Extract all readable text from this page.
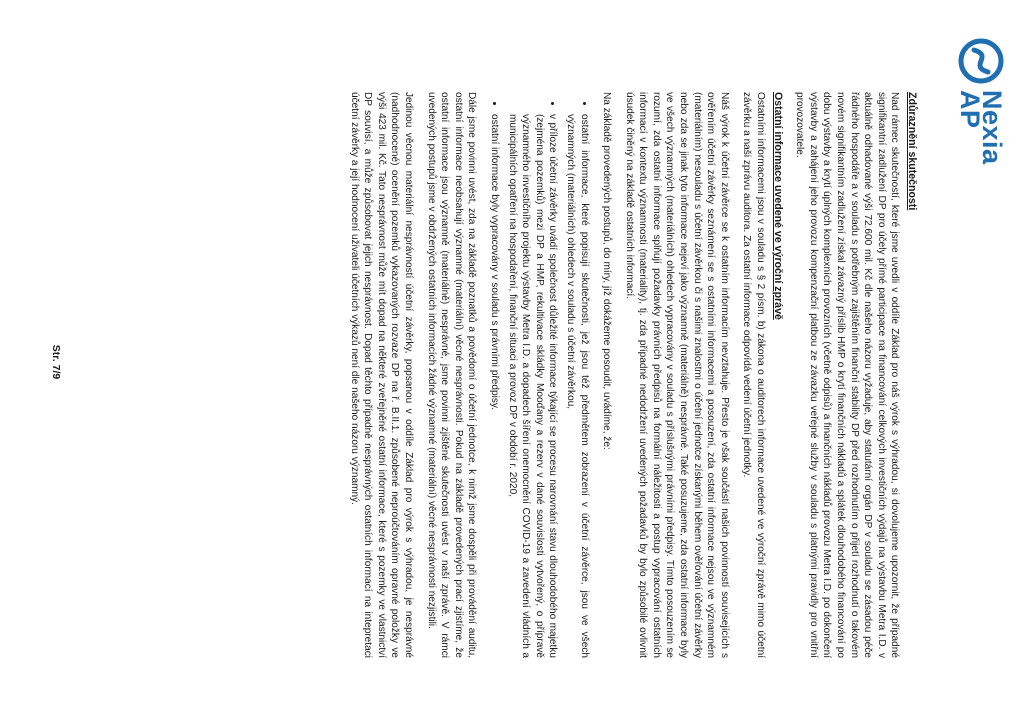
Nexia
AP
Zdůraznění skutečnosti

Nad rámec skutečností, které jsme uvedli v oddíle Základ pro náš výrok s výhradou, si dovolujeme upozornit, že případné signifikantní zadlužení DP pro účely přímé participace na financování celkových investičních výdajů na výstavbu Metra I.D. v aktuálně odhadované výši 72.600 mil. Kč dle našeho názoru vyžaduje, aby statutární orgán DP v souladu se zásadou péče řádného hospodáře a v souladu s potřebným zajištěním finanční stability DP před rozhodnutím o přijetí rozhodnutí o takovém novém signifikantním zadlužení získal závazný příslib HMP o krytí finančních nákladů a splátek dlouhodobého financování po dobu výstavby a krytí úplných komplexních provozních (včetně odpisů) a finančních nákladů provozu Metra I.D. po dokončení výstavby a zahájení jeho provozu kompenzační platbou ze závazku veřejné služby v souladu s platnými pravidly pro vnitřní provozovatele.

Ostatní informace uvedené ve výroční zprávě

Ostatními informacemi jsou v souladu s § 2 písm. b) zákona o auditorech informace uvedené ve výroční zprávě mimo účetní závěrku a naši zprávu auditora. Za ostatní informace odpovídá vedení účetní jednotky.

Náš výrok k účetní závěrce se k ostatním informacím nevztahuje. Přesto je však součástí našich povinností souvisejících s ověřením účetní závěrky seznámení se s ostatními informacemi a posouzení, zda ostatní informace nejsou ve významném (materiálním) nesouladu s účetní závěrkou či s našimi znalostmi o účetní jednotce získanými během ověřování účetní závěrky nebo zda se jinak tyto informace nejeví jako významně (materiálně) nesprávné. Také posuzujeme, zda ostatní informace byly ve všech významných (materiálních) ohledech vypracovány v souladu s příslušnými právními předpisy. Tímto posouzením se rozumí, zda ostatní informace splňují požadavky právních předpisů na formální náležitosti a postup vypracování ostatních informací v kontextu významnosti (materiality), tj. zda případné nedodržení uvedených požadavků by bylo způsobilé ovlivnit úsudek činěný na základě ostatních informací.

Na základě provedených postupů, do míry, jíž dokážeme posoudit, uvádíme, že:

• ostatní informace, které popisují skutečnosti, jež jsou též předmětem zobrazení v účetní závěrce, jsou ve všech významných (materiálních) ohledech v souladu s účetní závěrkou,
• v příloze účetní závěrky uvádí společnost důležité informace týkající se procesu narovnání stavu dlouhodobého majetku (zejména pozemků) mezi DP a HMP, rekultivace skládky Mooďany a rezerv v dané souvislosti vytvořený, o přípravě významného investičního projektu výstavby Metra I.D. a dopadech šíření onemocnění COVID-19 a zavedení vládních a municipálních opatření na hospodaření, finanční situaci a provoz DP v období r. 2020,
• ostatní informace byly vypracovány v souladu s právními předpisy.

Dále jsme povinni uvést, zda na základě poznatků a povědomí o účetní jednotce, k nimž jsme dospěli při provádění auditu, ostatní informace neobsahují významné (materiální) věcné nesprávnosti. Pokud na základě provedených prací zjistíme, že ostatní informace jsou významně (materiálně) nesprávné, jsme povinni zjištěné skutečnosti uvést v naší zprávě. V rámci uvedených postupů jsme v obdržených ostatních informacích žádné významné (materiální) věcné nesprávnosti nezjistili.

Jedinou věcnou materiální nesprávností účetní závěrky, popsanou v oddíle Základ pro výrok s výhradou, je nesprávné (nadhodnocené) ocenění pozemků vykazovaných rozvaze DP na ř. B.II.1. způsobené neproúčtováním opravné položky ve výši 423 mil. Kč. Tato nesprávnost může mít dopad na některé zveřejněné ostatní informace, které s pozemky ve vlastnictví DP souvisí, a může způsobovat jejich nesprávnost. Dopad těchto případně nesprávných ostatních informací na intepretaci účetní závěrky a její hodnocení uživateli účetních výkazů není dle našeho názoru významný.

Str. 7/9
